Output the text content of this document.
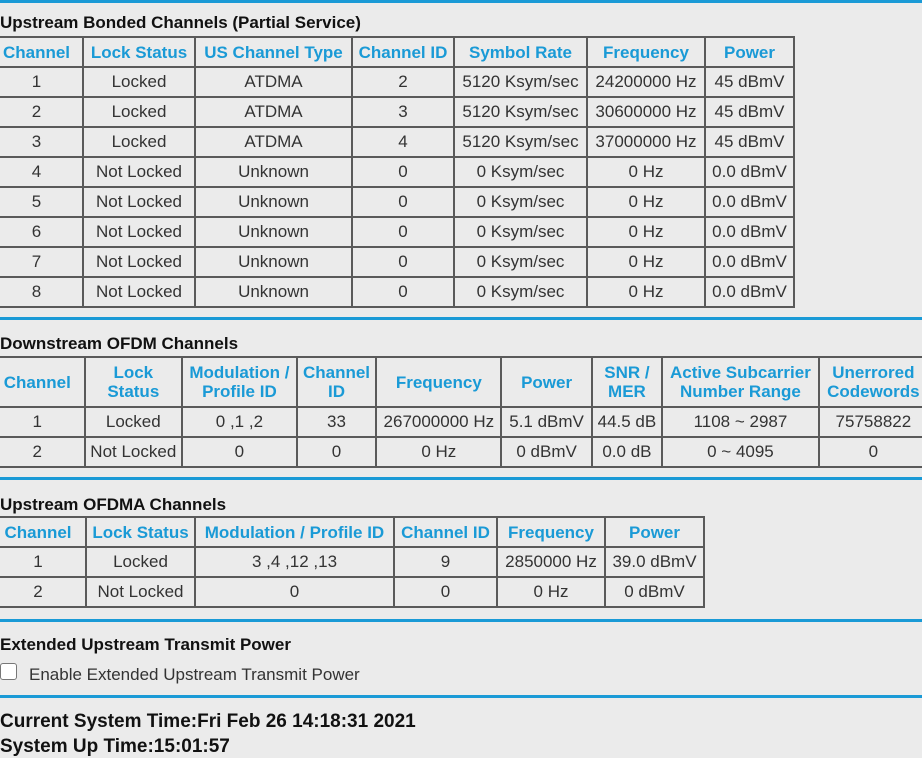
Upstream Bonded Channels (Partial Service)
Channel	Lock Status	US Channel Type	Channel ID	Symbol Rate	Frequency	Power
1	Locked	ATDMA	2	5120 Ksym/sec	24200000 Hz	45 dBmV
2	Locked	ATDMA	3	5120 Ksym/sec	30600000 Hz	45 dBmV
3	Locked	ATDMA	4	5120 Ksym/sec	37000000 Hz	45 dBmV
4	Not Locked	Unknown	0	0 Ksym/sec	0 Hz	0.0 dBmV
5	Not Locked	Unknown	0	0 Ksym/sec	0 Hz	0.0 dBmV
6	Not Locked	Unknown	0	0 Ksym/sec	0 Hz	0.0 dBmV
7	Not Locked	Unknown	0	0 Ksym/sec	0 Hz	0.0 dBmV
8	Not Locked	Unknown	0	0 Ksym/sec	0 Hz	0.0 dBmV
Downstream OFDM Channels
Channel	Lock Status	Modulation / Profile ID	Channel ID	Frequency	Power	SNR / MER	Active Subcarrier Number Range	Unerrored Codewords
1	Locked	0 ,1 ,2	33	267000000 Hz	5.1 dBmV	44.5 dB	1108 ~ 2987	75758822
2	Not Locked	0	0	0 Hz	0 dBmV	0.0 dB	0 ~ 4095	0
Upstream OFDMA Channels
Channel	Lock Status	Modulation / Profile ID	Channel ID	Frequency	Power
1	Locked	3 ,4 ,12 ,13	9	2850000 Hz	39.0 dBmV
2	Not Locked	0	0	0 Hz	0 dBmV
Extended Upstream Transmit Power
Enable Extended Upstream Transmit Power
Current System Time:Fri Feb 26 14:18:31 2021
System Up Time:15:01:57
